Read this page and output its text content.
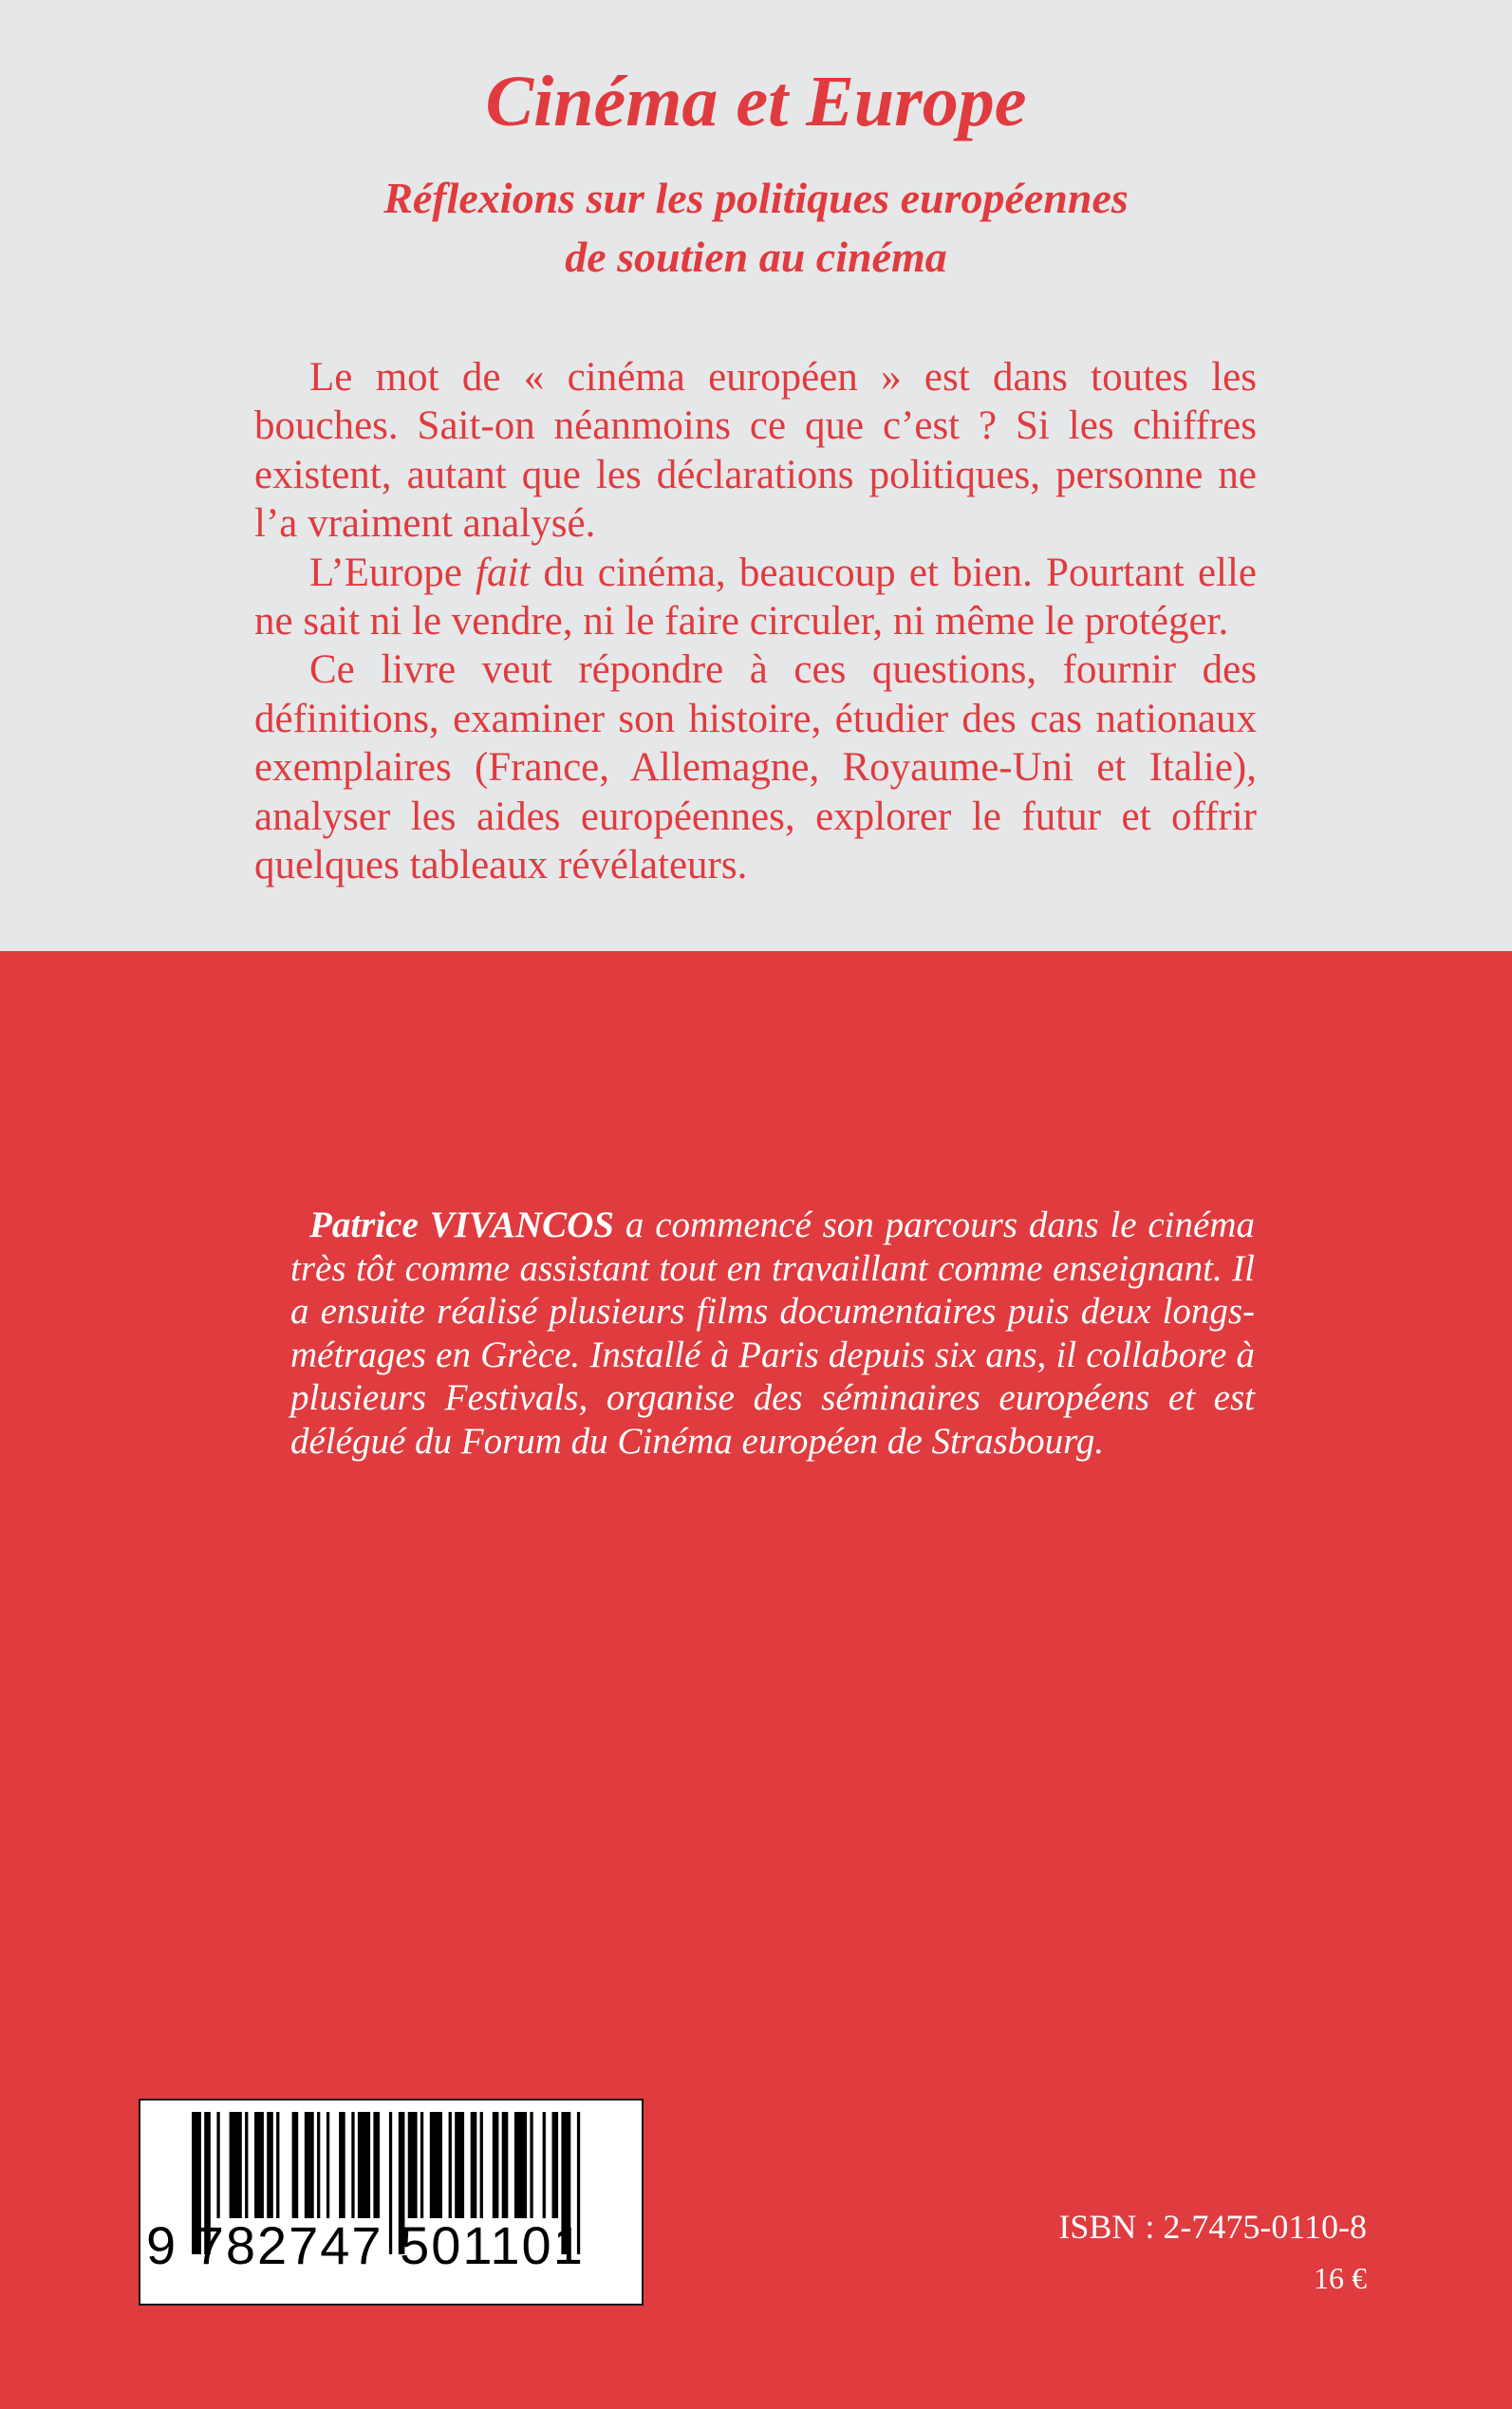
Cinéma et Europe
Réflexions sur les politiques européennes
de soutien au cinéma

Le mot de « cinéma européen » est dans toutes les bouches. Sait-on néanmoins ce que c’est ? Si les chiffres existent, autant que les déclarations politiques, personne ne l’a vraiment analysé.

L’Europe fait du cinéma, beaucoup et bien. Pourtant elle ne sait ni le vendre, ni le faire circuler, ni même le protéger.

Ce livre veut répondre à ces questions, fournir des définitions, examiner son histoire, étudier des cas nationaux exemplaires (France, Allemagne, Royaume-Uni et Italie), analyser les aides européennes, explorer le futur et offrir quelques tableaux révélateurs.

Patrice VIVANCOS a commencé son parcours dans le cinéma très tôt comme assistant tout en travaillant comme enseignant. Il a ensuite réalisé plusieurs films documentaires puis deux longs-métrages en Grèce. Installé à Paris depuis six ans, il collabore à plusieurs Festivals, organise des séminaires européens et est délégué du Forum du Cinéma européen de Strasbourg.

9 782747 501101	ISBN : 2-7475-0110-8
16 €
